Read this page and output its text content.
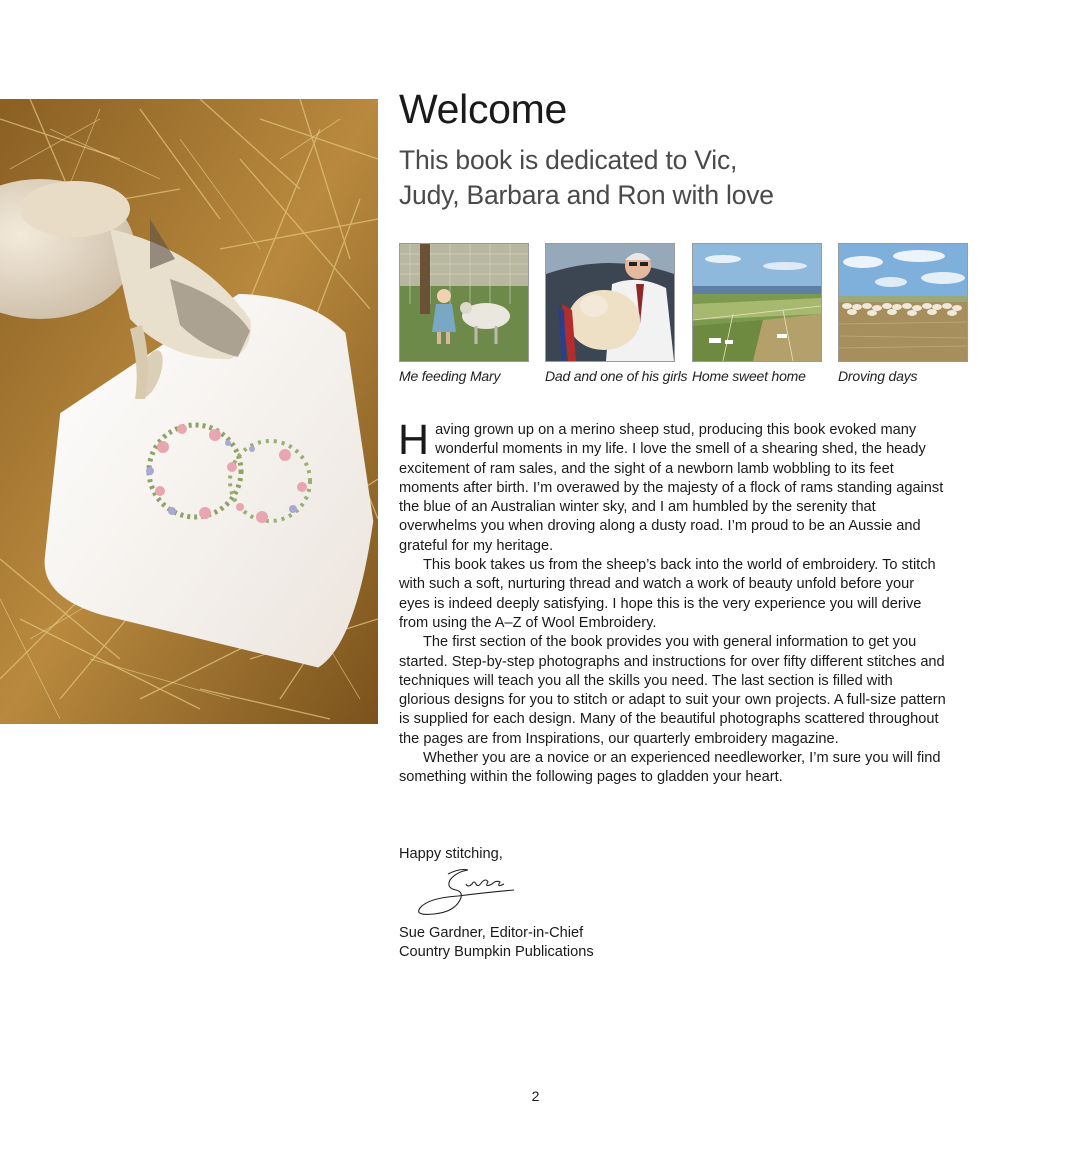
Welcome
This book is dedicated to Vic,
Judy, Barbara and Ron with love
Me feeding Mary	Dad and one of his girls Home sweet home Droving days

Having grown up on a merino sheep stud, producing this book evoked many wonderful moments in my life. I love the smell of a shearing shed, the heady excitement of ram sales, and the sight of a newborn lamb wobbling to its feet moments after birth. I’m overawed by the majesty of a flock of rams standing against the blue of an Australian winter sky, and I am humbled by the serenity that overwhelms you when droving along a dusty road. I’m proud to be an Aussie and grateful for my heritage.

This book takes us from the sheep’s back into the world of embroidery. To stitch with such a soft, nurturing thread and watch a work of beauty unfold before your eyes is indeed deeply satisfying. I hope this is the very experience you will derive from using the A–Z of Wool Embroidery.

The first section of the book provides you with general information to get you started. Step-by-step photographs and instructions for over fifty different stitches and techniques will teach you all the skills you need. The last section is filled with glorious designs for you to stitch or adapt to suit your own projects. A full-size pattern is supplied for each design. Many of the beautiful photographs scattered throughout the pages are from Inspirations, our quarterly embroidery magazine.

Whether you are a novice or an experienced needleworker, I’m sure you will find something within the following pages to gladden your heart.

Happy stitching,
Sue Gardner, Editor-in-Chief
Country Bumpkin Publications
2
